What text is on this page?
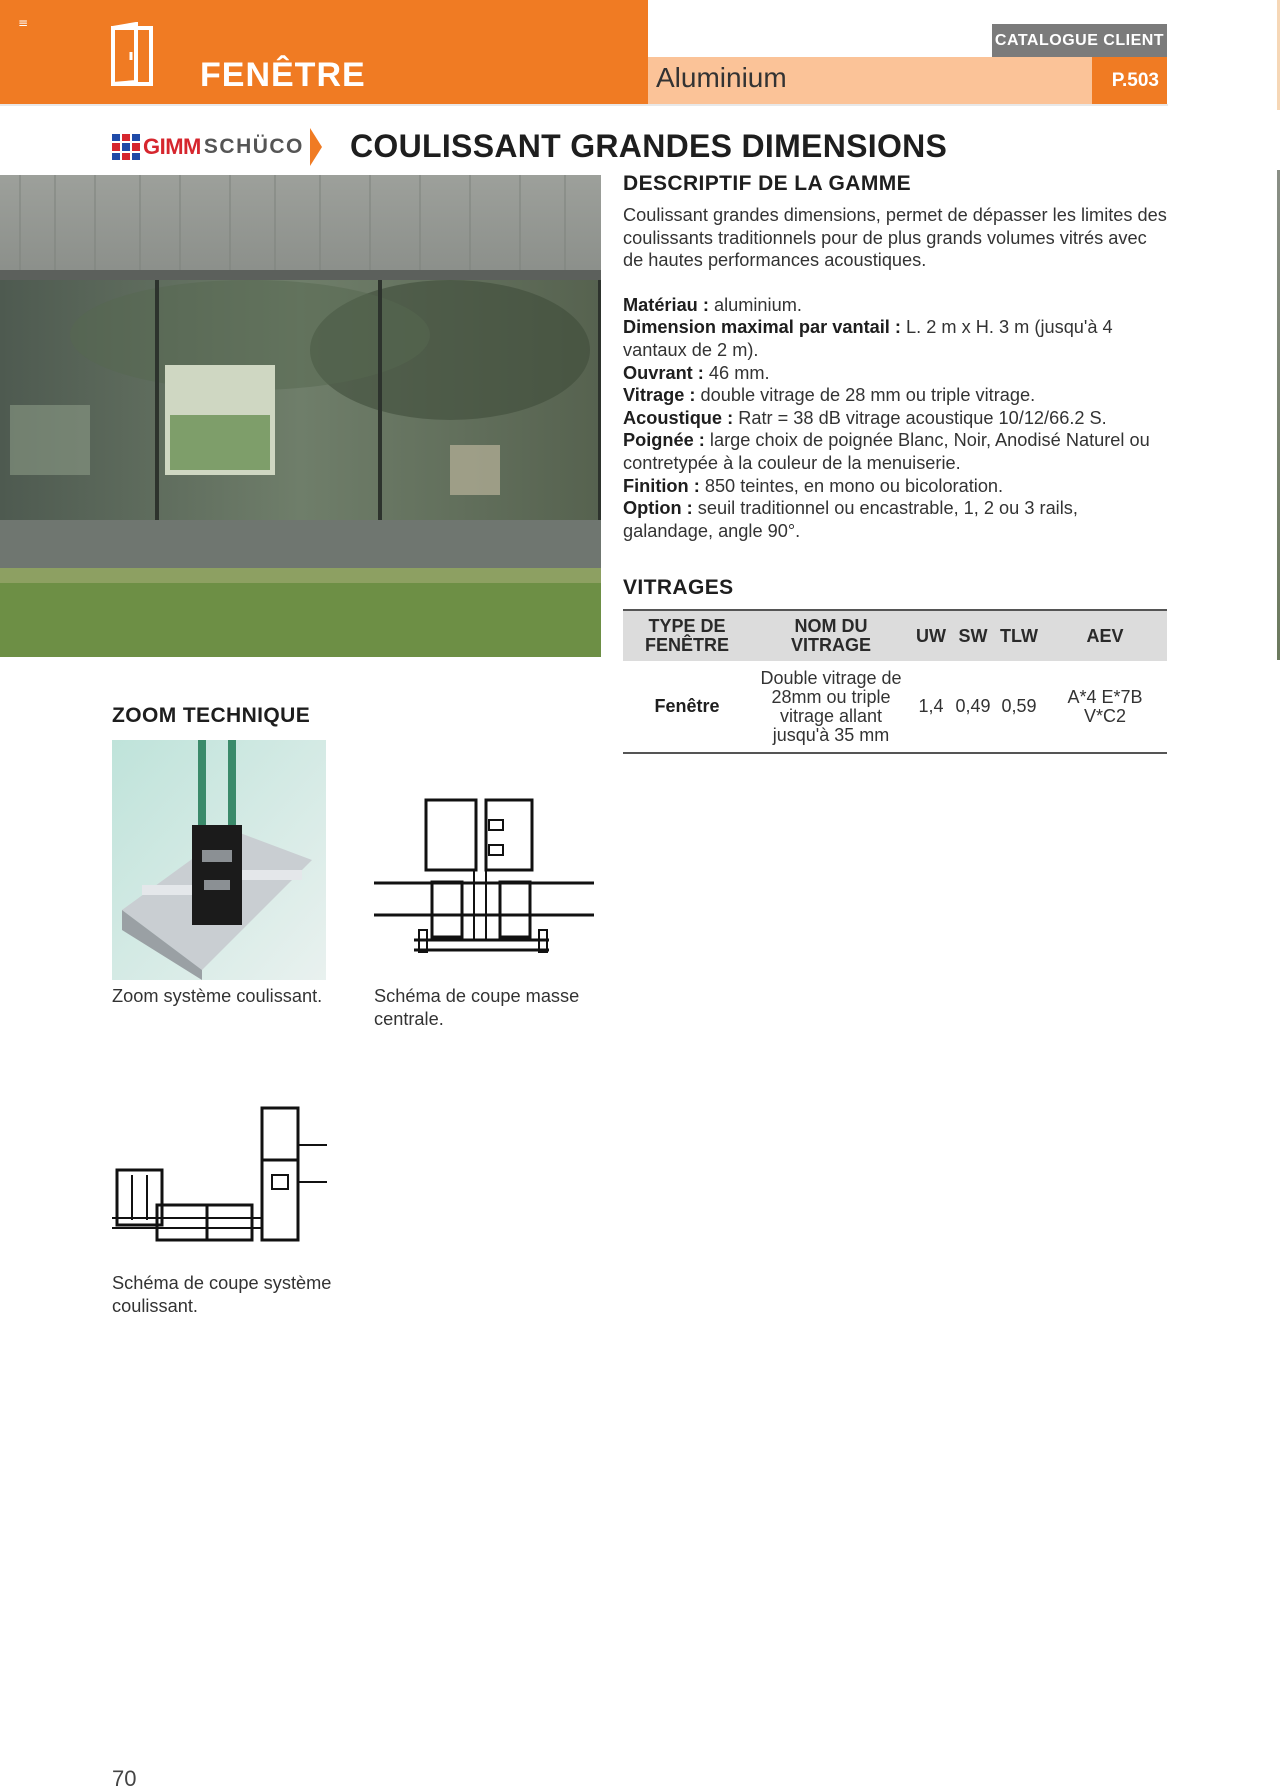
≡
FENÊTRE	Aluminium
CATALOGUE CLIENT
P.503
GIMM SCHÜCO COULISSANT GRANDES DIMENSIONS
DESCRIPTIF DE LA GAMME
Coulissant grandes dimensions, permet de dépasser les limites des coulissants traditionnels pour de plus grands volumes vitrés avec de hautes performances acoustiques.
Matériau : aluminium.
Dimension maximal par vantail : L. 2 m x H. 3 m (jusqu'à 4 vantaux de 2 m).
Ouvrant : 46 mm.
Vitrage : double vitrage de 28 mm ou triple vitrage.
Acoustique : Ratr = 38 dB vitrage acoustique 10/12/66.2 S.
Poignée : large choix de poignée Blanc, Noir, Anodisé Naturel ou contretypée à la couleur de la menuiserie.
Finition : 850 teintes, en mono ou bicoloration.
Option : seuil traditionnel ou encastrable, 1, 2 ou 3 rails, galandage, angle 90°.
VITRAGES
TYPE DE FENÊTRE	NOM DU VITRAGE	UW	SW	TLW	AEV
Fenêtre	Double vitrage de 28mm ou triple vitrage allant jusqu'à 35 mm	1,4	0,49	0,59	A*4 E*7B V*C2
ZOOM TECHNIQUE
Zoom système coulissant.	Schéma de coupe masse centrale.
Schéma de coupe système coulissant.
70
